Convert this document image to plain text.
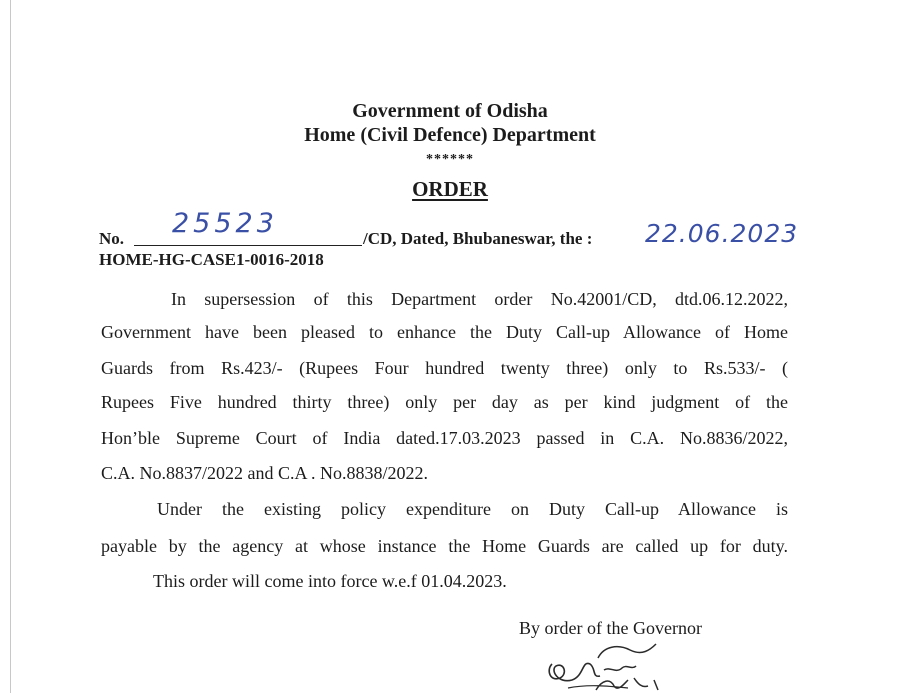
Government of Odisha
Home (Civil Defence) Department
******
ORDER
No. 25523	/CD, Dated, Bhubaneswar, the : 22.06.2023
HOME-HG-CASE1-0016-2018
In supersession of this Department order No.42001/CD, dtd.06.12.2022,
Government have been pleased to enhance the Duty Call-up Allowance of Home
Guards from Rs.423/- (Rupees Four hundred twenty three) only to Rs.533/- (
Rupees Five hundred thirty three) only per day as per kind judgment of the
Hon’ble Supreme Court of India dated.17.03.2023 passed in C.A. No.8836/2022,
C.A. No.8837/2022 and C.A . No.8838/2022.
Under the existing policy expenditure on Duty Call-up Allowance is
payable by the agency at whose instance the Home Guards are called up for duty.
This order will come into force w.e.f 01.04.2023.
By order of the Governor
